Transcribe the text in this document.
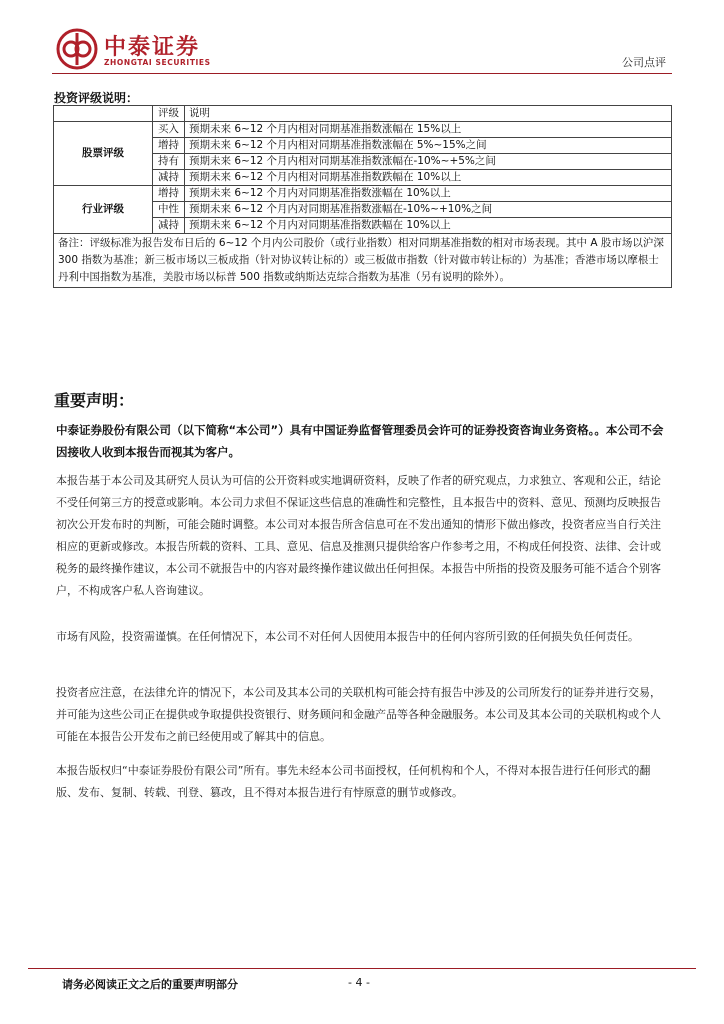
中泰证券
ZHONGTAI SECURITIES	公司点评
投资评级说明：
	评级	说明
股票评级	买入	预期未来 6~12 个月内相对同期基准指数涨幅在 15%以上
	增持	预期未来 6~12 个月内相对同期基准指数涨幅在 5%~15%之间
	持有	预期未来 6~12 个月内相对同期基准指数涨幅在-10%~+5%之间
	减持	预期未来 6~12 个月内相对同期基准指数跌幅在 10%以上
行业评级	增持	预期未来 6~12 个月内对同期基准指数涨幅在 10%以上
	中性	预期未来 6~12 个月内对同期基准指数涨幅在-10%~+10%之间
	减持	预期未来 6~12 个月内对同期基准指数跌幅在 10%以上
备注：评级标准为报告发布日后的 6~12 个月内公司股价（或行业指数）相对同期基准指数的相对市场表现。其中 A 股市场以沪深 300 指数为基准；新三板市场以三板成指（针对协议转让标的）或三板做市指数（针对做市转让标的）为基准；香港市场以摩根士丹利中国指数为基准，美股市场以标普 500 指数或纳斯达克综合指数为基准（另有说明的除外）。		
重要声明：
中泰证券股份有限公司（以下简称“本公司”）具有中国证券监督管理委员会许可的证券投资咨询业务资格。。本公司不会因接收人收到本报告而视其为客户。
本报告基于本公司及其研究人员认为可信的公开资料或实地调研资料，反映了作者的研究观点，力求独立、客观和公正，结论不受任何第三方的授意或影响。本公司力求但不保证这些信息的准确性和完整性，且本报告中的资料、意见、预测均反映报告初次公开发布时的判断，可能会随时调整。本公司对本报告所含信息可在不发出通知的情形下做出修改，投资者应当自行关注相应的更新或修改。本报告所载的资料、工具、意见、信息及推测只提供给客户作参考之用，不构成任何投资、法律、会计或税务的最终操作建议，本公司不就报告中的内容对最终操作建议做出任何担保。本报告中所指的投资及服务可能不适合个别客户，不构成客户私人咨询建议。
市场有风险，投资需谨慎。在任何情况下，本公司不对任何人因使用本报告中的任何内容所引致的任何损失负任何责任。
投资者应注意，在法律允许的情况下，本公司及其本公司的关联机构可能会持有报告中涉及的公司所发行的证券并进行交易，并可能为这些公司正在提供或争取提供投资银行、财务顾问和金融产品等各种金融服务。本公司及其本公司的关联机构或个人可能在本报告公开发布之前已经使用或了解其中的信息。
本报告版权归“中泰证券股份有限公司”所有。事先未经本公司书面授权，任何机构和个人，不得对本报告进行任何形式的翻版、发布、复制、转载、刊登、篡改，且不得对本报告进行有悖原意的删节或修改。
请务必阅读正文之后的重要声明部分	- 4 -
